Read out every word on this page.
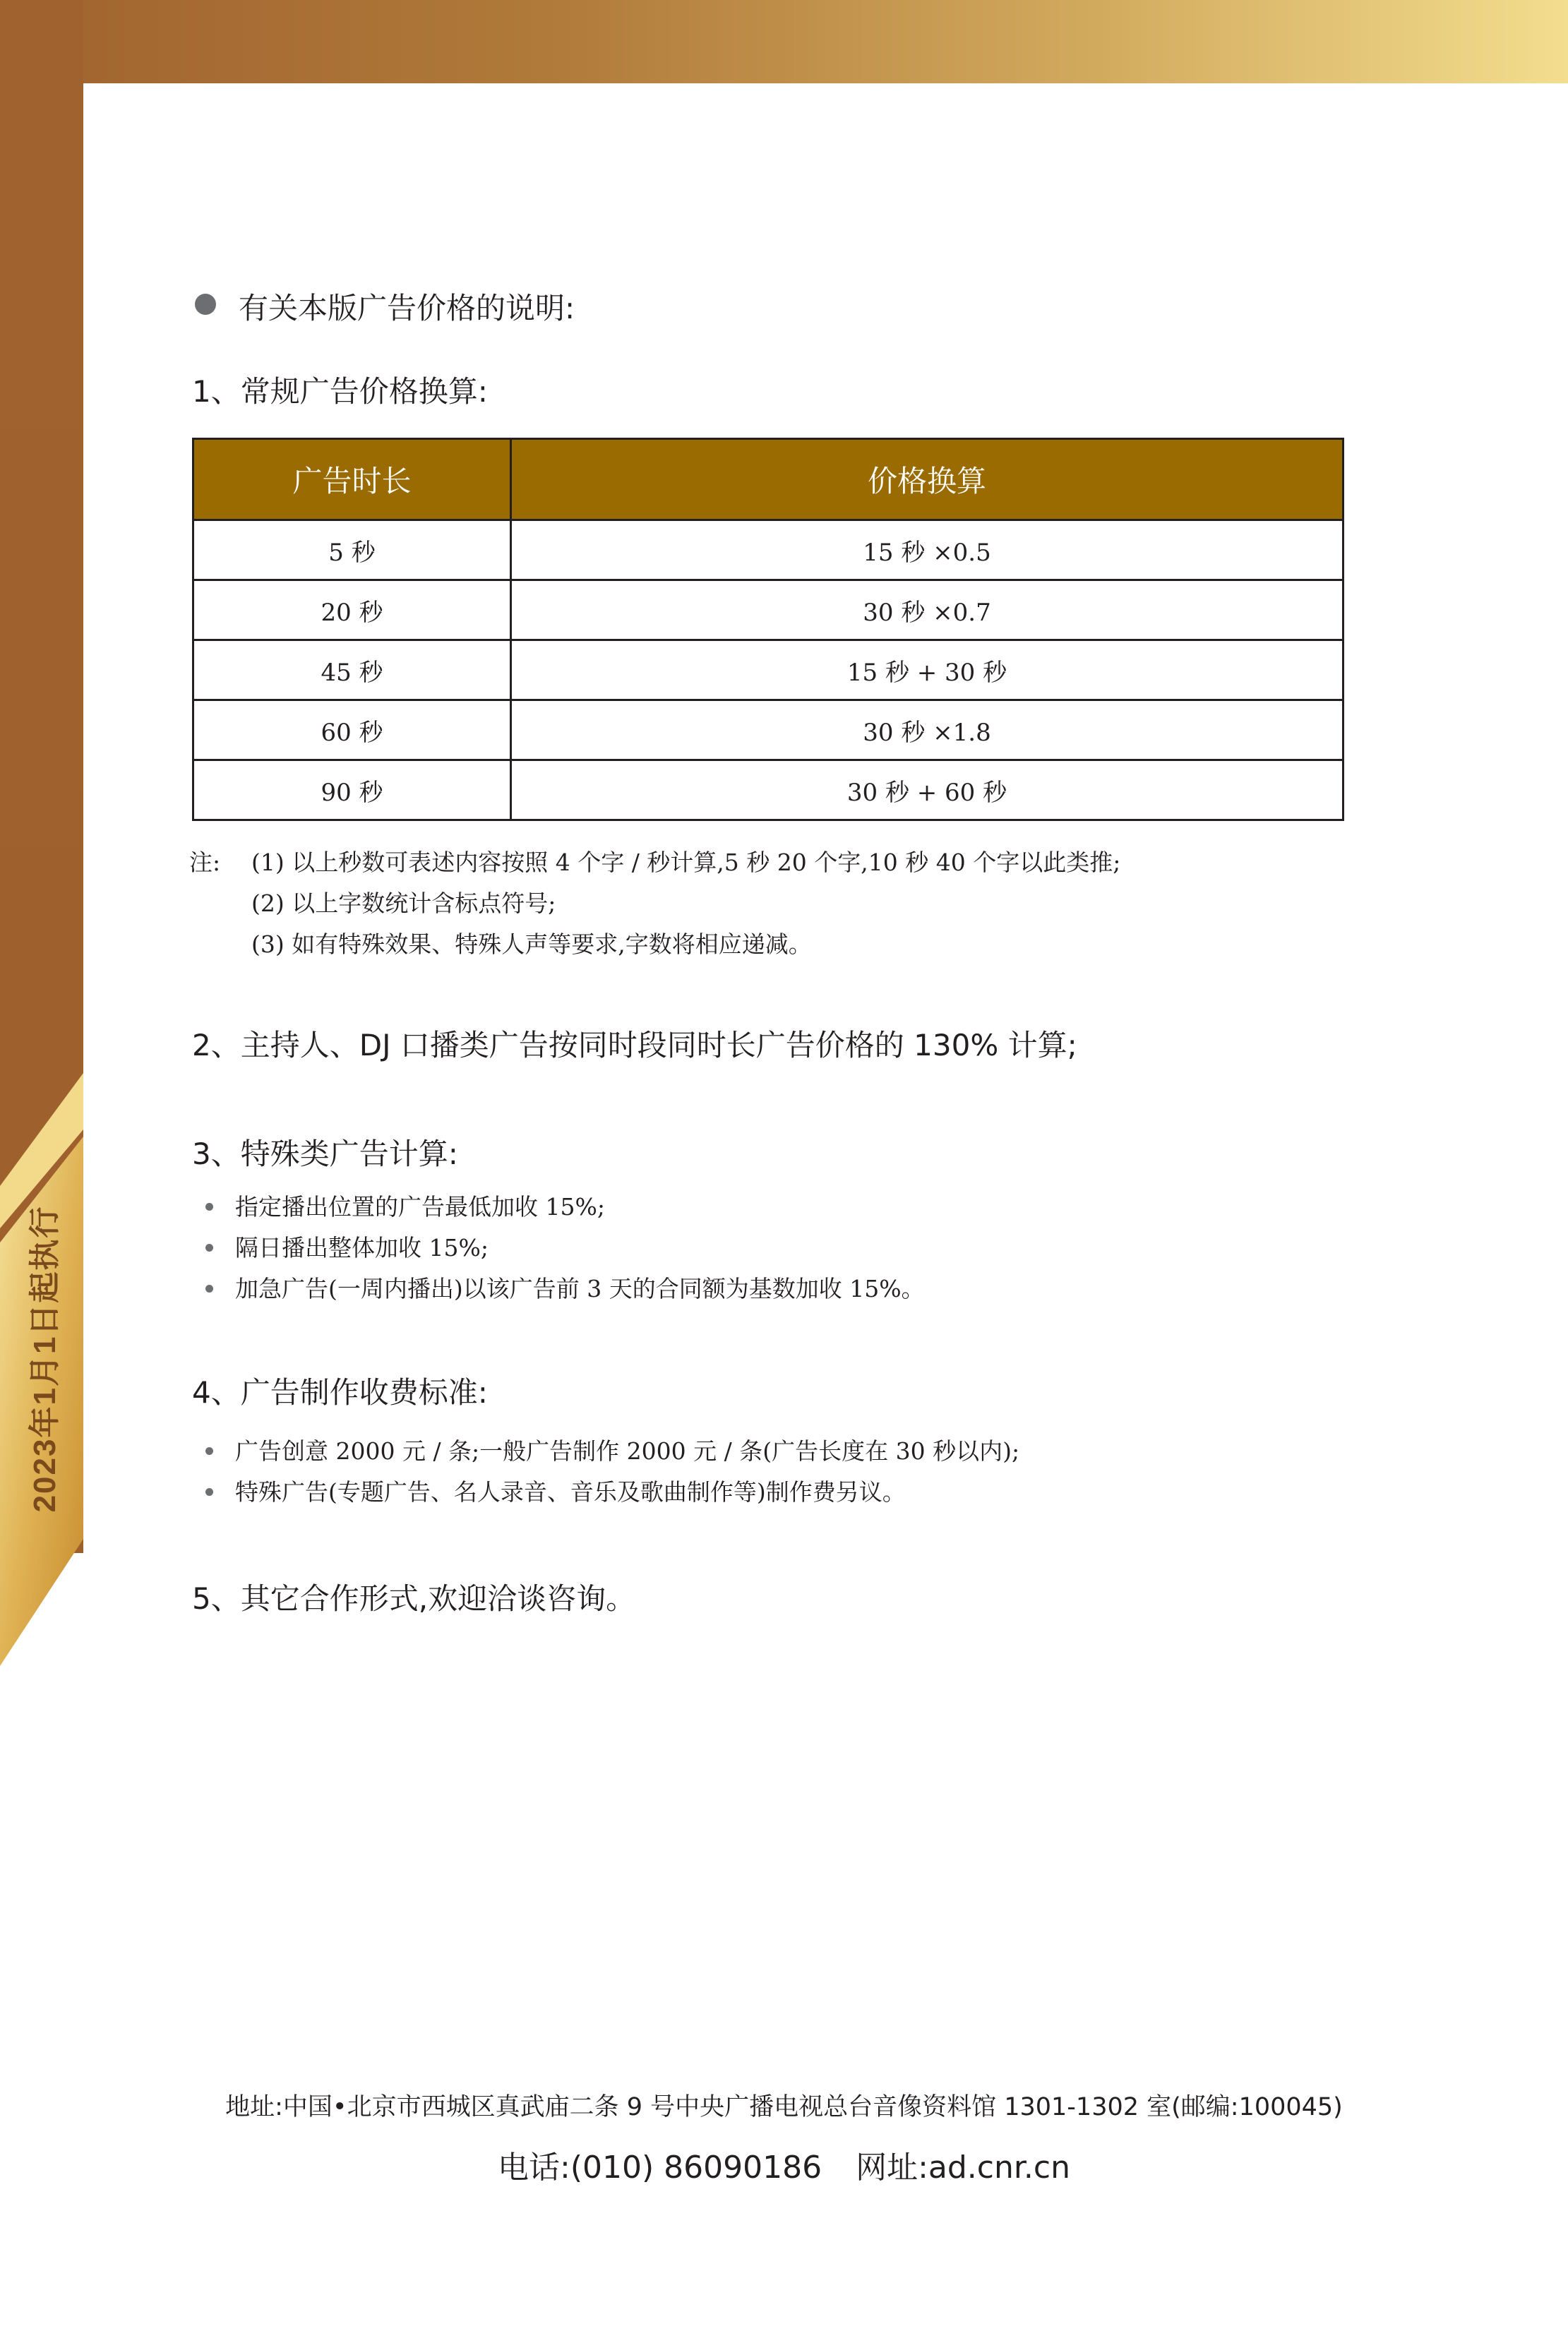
2023年1月1日起执行
有关本版广告价格的说明:
1、常规广告价格换算:
广告时长	价格换算
5 秒	15 秒 ×0.5
20 秒	30 秒 ×0.7
45 秒	15 秒 + 30 秒
60 秒	30 秒 ×1.8
90 秒	30 秒 + 60 秒
注: (1) 以上秒数可表述内容按照 4 个字 / 秒计算,5 秒 20 个字,10 秒 40 个字以此类推;
(2) 以上字数统计含标点符号;
(3) 如有特殊效果、特殊人声等要求,字数将相应递减。
2、主持人、DJ 口播类广告按同时段同时长广告价格的 130% 计算;
3、特殊类广告计算:
指定播出位置的广告最低加收 15%;
隔日播出整体加收 15%;
加急广告(一周内播出)以该广告前 3 天的合同额为基数加收 15%。
4、广告制作收费标准:
广告创意 2000 元 / 条;一般广告制作 2000 元 / 条(广告长度在 30 秒以内);
特殊广告(专题广告、名人录音、音乐及歌曲制作等)制作费另议。
5、其它合作形式,欢迎洽谈咨询。
地址:中国•北京市西城区真武庙二条 9 号中央广播电视总台音像资料馆 1301-1302 室(邮编:100045)
电话:(010) 86090186 网址:ad.cnr.cn
